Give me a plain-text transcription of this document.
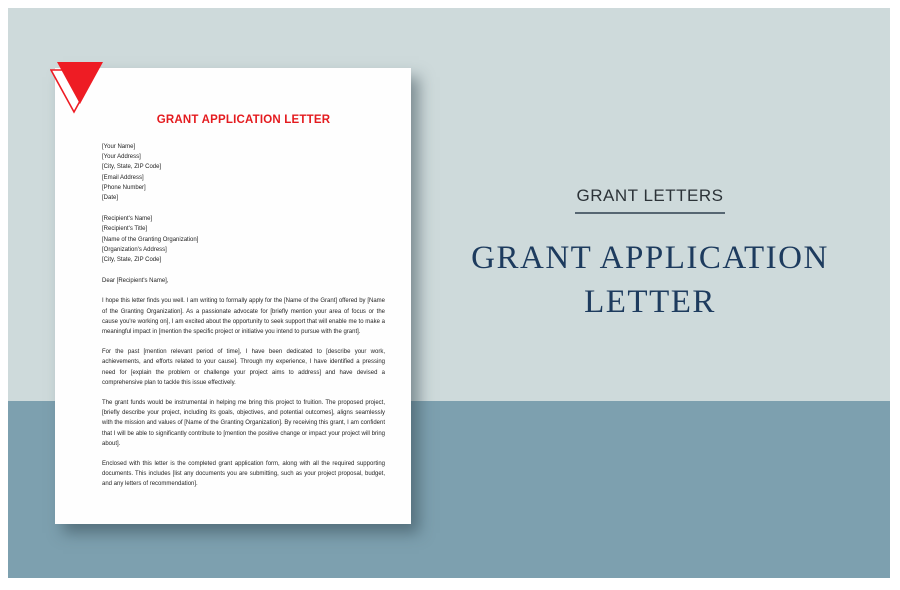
GRANT APPLICATION LETTER
[Your Name]
[Your Address]
[City, State, ZIP Code]
[Email Address]
[Phone Number]
[Date]
[Recipient's Name]
[Recipient's Title]
[Name of the Granting Organization]
[Organization's Address]
[City, State, ZIP Code]

Dear [Recipient's Name],

I hope this letter finds you well. I am writing to formally apply for the [Name of the Grant] offered by [Name of the Granting Organization]. As a passionate advocate for [briefly mention your area of focus or the cause you're working on], I am excited about the opportunity to seek support that will enable me to make a meaningful impact in [mention the specific project or initiative you intend to pursue with the grant].

For the past [mention relevant period of time], I have been dedicated to [describe your work, achievements, and efforts related to your cause]. Through my experience, I have identified a pressing need for [explain the problem or challenge your project aims to address] and have devised a comprehensive plan to tackle this issue effectively.

The grant funds would be instrumental in helping me bring this project to fruition. The proposed project, [briefly describe your project, including its goals, objectives, and potential outcomes], aligns seamlessly with the mission and values of [Name of the Granting Organization]. By receiving this grant, I am confident that I will be able to significantly contribute to [mention the positive change or impact your project will bring about].

Enclosed with this letter is the completed grant application form, along with all the required supporting documents. This includes [list any documents you are submitting, such as your project proposal, budget, and any letters of recommendation].

GRANT LETTERS
GRANT APPLICATION
LETTER
